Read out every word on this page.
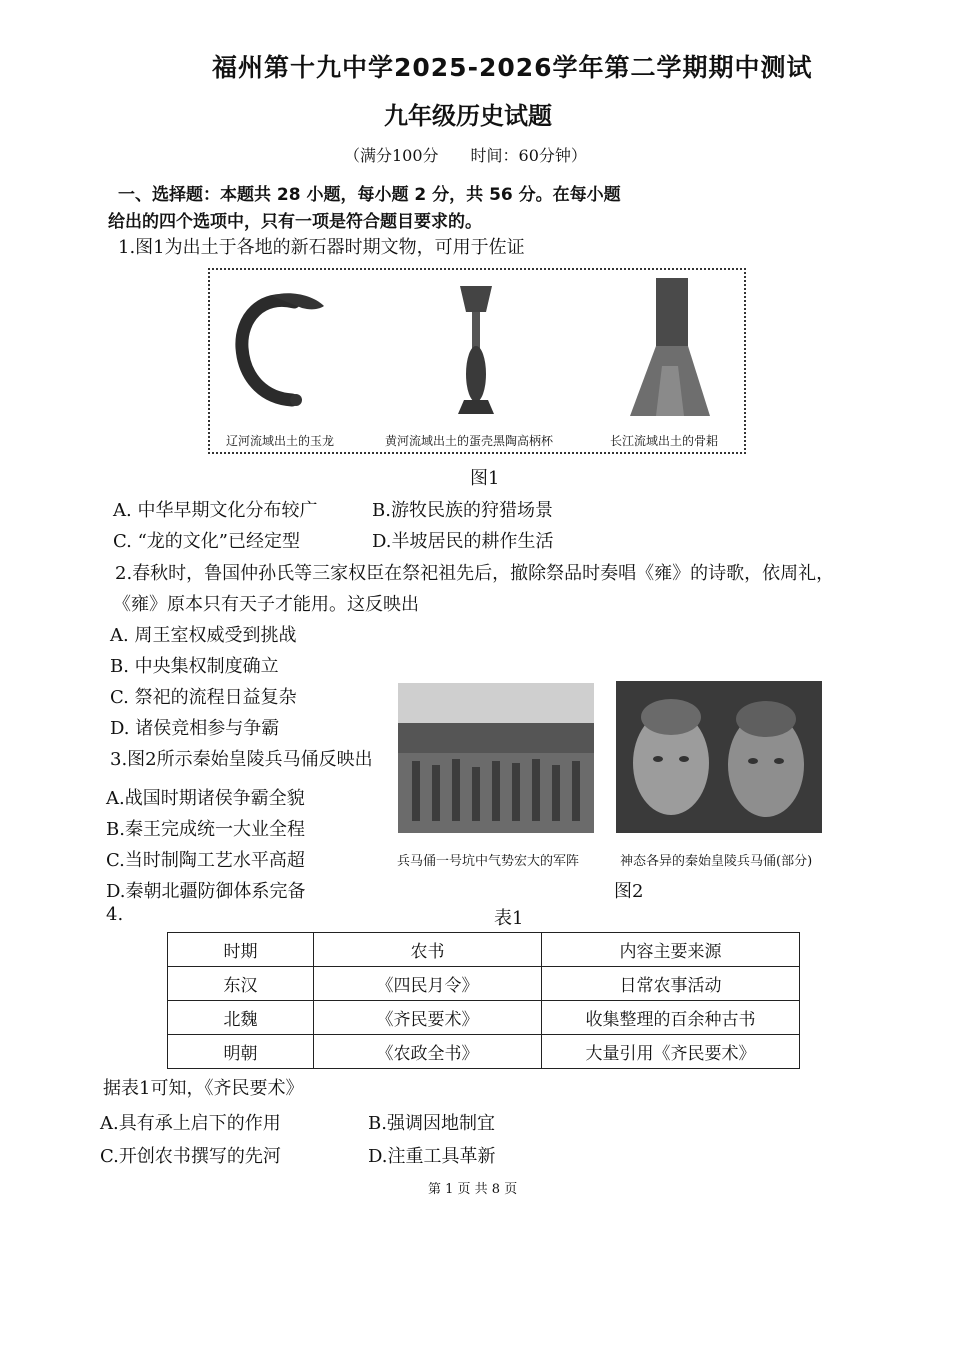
福州第十九中学2025-2026学年第二学期期中测试
九年级历史试题
（满分100分　　时间：60分钟）
一、选择题：本题共 28 小题，每小题 2 分，共 56 分。在每小题
给出的四个选项中，只有一项是符合题目要求的。
1.图1为出土于各地的新石器时期文物，可用于佐证
辽河流域出土的玉龙	黄河流域出土的蛋壳黑陶高柄杯	长江流域出土的骨耜
图1
A. 中华早期文化分布较广	B.游牧民族的狩猎场景
C. “龙的文化”已经定型	D.半坡居民的耕作生活
2.春秋时，鲁国仲孙氏等三家权臣在祭祀祖先后，撤除祭品时奏唱《雍》的诗歌，依周礼，
《雍》原本只有天子才能用。这反映出
A. 周王室权威受到挑战
B. 中央集权制度确立
C. 祭祀的流程日益复杂
D. 诸侯竞相参与争霸
3.图2所示秦始皇陵兵马俑反映出
A.战国时期诸侯争霸全貌
B.秦王完成统一大业全程
C.当时制陶工艺水平高超
D.秦朝北疆防御体系完备
兵马俑一号坑中气势宏大的军阵	神态各异的秦始皇陵兵马俑(部分)
图2
4.	表1
时期	农书	内容主要来源
东汉	《四民月令》	日常农事活动
北魏	《齐民要术》	收集整理的百余种古书
明朝	《农政全书》	大量引用《齐民要术》
据表1可知，《齐民要术》
A.具有承上启下的作用	B.强调因地制宜
C.开创农书撰写的先河	D.注重工具革新
第 1 页 共 8 页
